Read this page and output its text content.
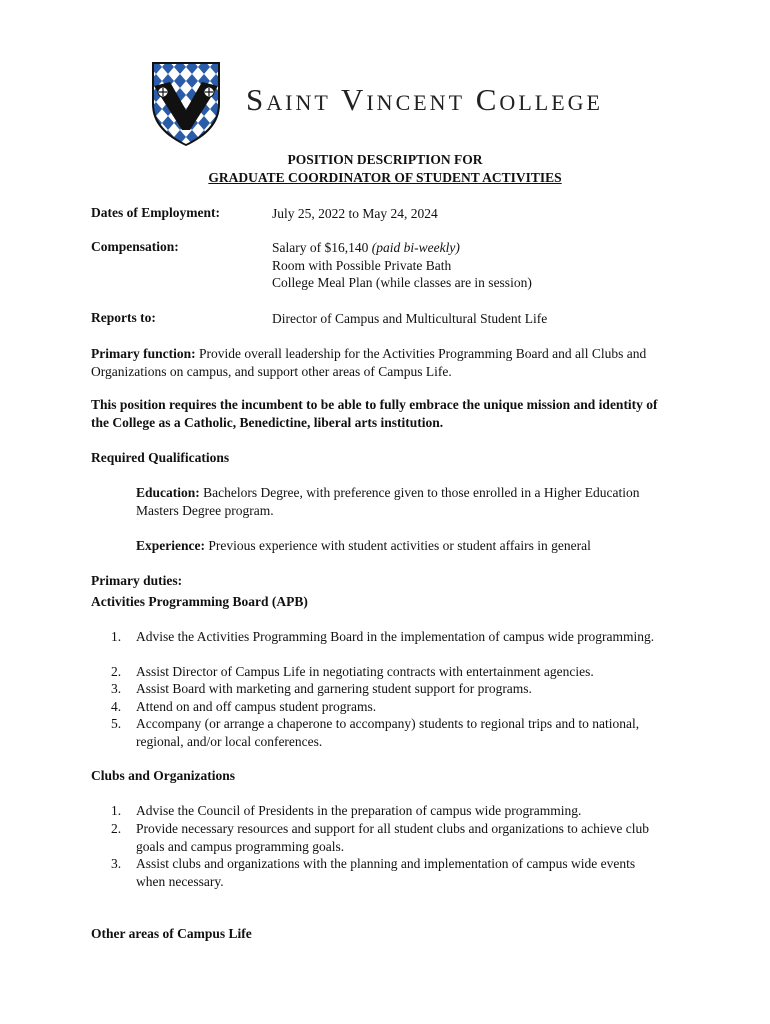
Saint Vincent College
POSITION DESCRIPTION FOR
GRADUATE COORDINATOR OF STUDENT ACTIVITIES
Dates of Employment:	July 25, 2022 to May 24, 2024
Compensation:	Salary of $16,140 (paid bi-weekly)
Room with Possible Private Bath
College Meal Plan (while classes are in session)
Reports to:	Director of Campus and Multicultural Student Life
Primary function: Provide overall leadership for the Activities Programming Board and all Clubs and Organizations on campus, and support other areas of Campus Life.
This position requires the incumbent to be able to fully embrace the unique mission and identity of the College as a Catholic, Benedictine, liberal arts institution.
Required Qualifications
Education: Bachelors Degree, with preference given to those enrolled in a Higher Education Masters Degree program.
Experience: Previous experience with student activities or student affairs in general
Primary duties:
Activities Programming Board (APB)
1.	Advise the Activities Programming Board in the implementation of campus wide programming.
2.	Assist Director of Campus Life in negotiating contracts with entertainment agencies.
3.	Assist Board with marketing and garnering student support for programs.
4.	Attend on and off campus student programs.
5.	Accompany (or arrange a chaperone to accompany) students to regional trips and to national, regional, and/or local conferences.
Clubs and Organizations
1.	Advise the Council of Presidents in the preparation of campus wide programming.
2.	Provide necessary resources and support for all student clubs and organizations to achieve club goals and campus programming goals.
3.	Assist clubs and organizations with the planning and implementation of campus wide events when necessary.
Other areas of Campus Life
